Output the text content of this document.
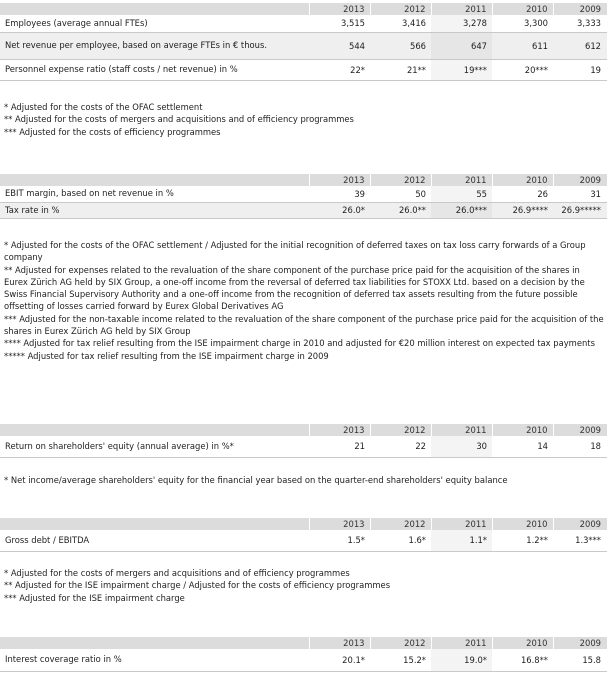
	2013	2012	2011	2010	2009
Employees (average annual FTEs)	3,515	3,416	3,278	3,300	3,333
Net revenue per employee, based on average FTEs in € thous.	544	566	647	611	612
Personnel expense ratio (staff costs / net revenue) in %	22*	21**	19***	20***	19
* Adjusted for the costs of the OFAC settlement
** Adjusted for the costs of mergers and acquisitions and of efficiency programmes
*** Adjusted for the costs of efficiency programmes
	2013	2012	2011	2010	2009
EBIT margin, based on net revenue in %	39	50	55	26	31
Tax rate in %	26.0*	26.0**	26.0***	26.9****	26.9*****
* Adjusted for the costs of the OFAC settlement / Adjusted for the initial recognition of deferred taxes on tax loss carry forwards of a Group company
** Adjusted for expenses related to the revaluation of the share component of the purchase price paid for the acquisition of the shares in Eurex Zürich AG held by SIX Group, a one-off income from the reversal of deferred tax liabilities for STOXX Ltd. based on a decision by the Swiss Financial Supervisory Authority and a one-off income from the recognition of deferred tax assets resulting from the future possible offsetting of losses carried forward by Eurex Global Derivatives AG
*** Adjusted for the non-taxable income related to the revaluation of the share component of the purchase price paid for the acquisition of the shares in Eurex Zürich AG held by SIX Group
**** Adjusted for tax relief resulting from the ISE impairment charge in 2010 and adjusted for €20 million interest on expected tax payments
***** Adjusted for tax relief resulting from the ISE impairment charge in 2009
	2013	2012	2011	2010	2009
Return on shareholders' equity (annual average) in %*	21	22	30	14	18
* Net income/average shareholders' equity for the financial year based on the quarter-end shareholders' equity balance
	2013	2012	2011	2010	2009
Gross debt / EBITDA	1.5*	1.6*	1.1*	1.2**	1.3***
* Adjusted for the costs of mergers and acquisitions and of efficiency programmes
** Adjusted for the ISE impairment charge / Adjusted for the costs of efficiency programmes
*** Adjusted for the ISE impairment charge
	2013	2012	2011	2010	2009
Interest coverage ratio in %	20.1*	15.2*	19.0*	16.8**	15.8
